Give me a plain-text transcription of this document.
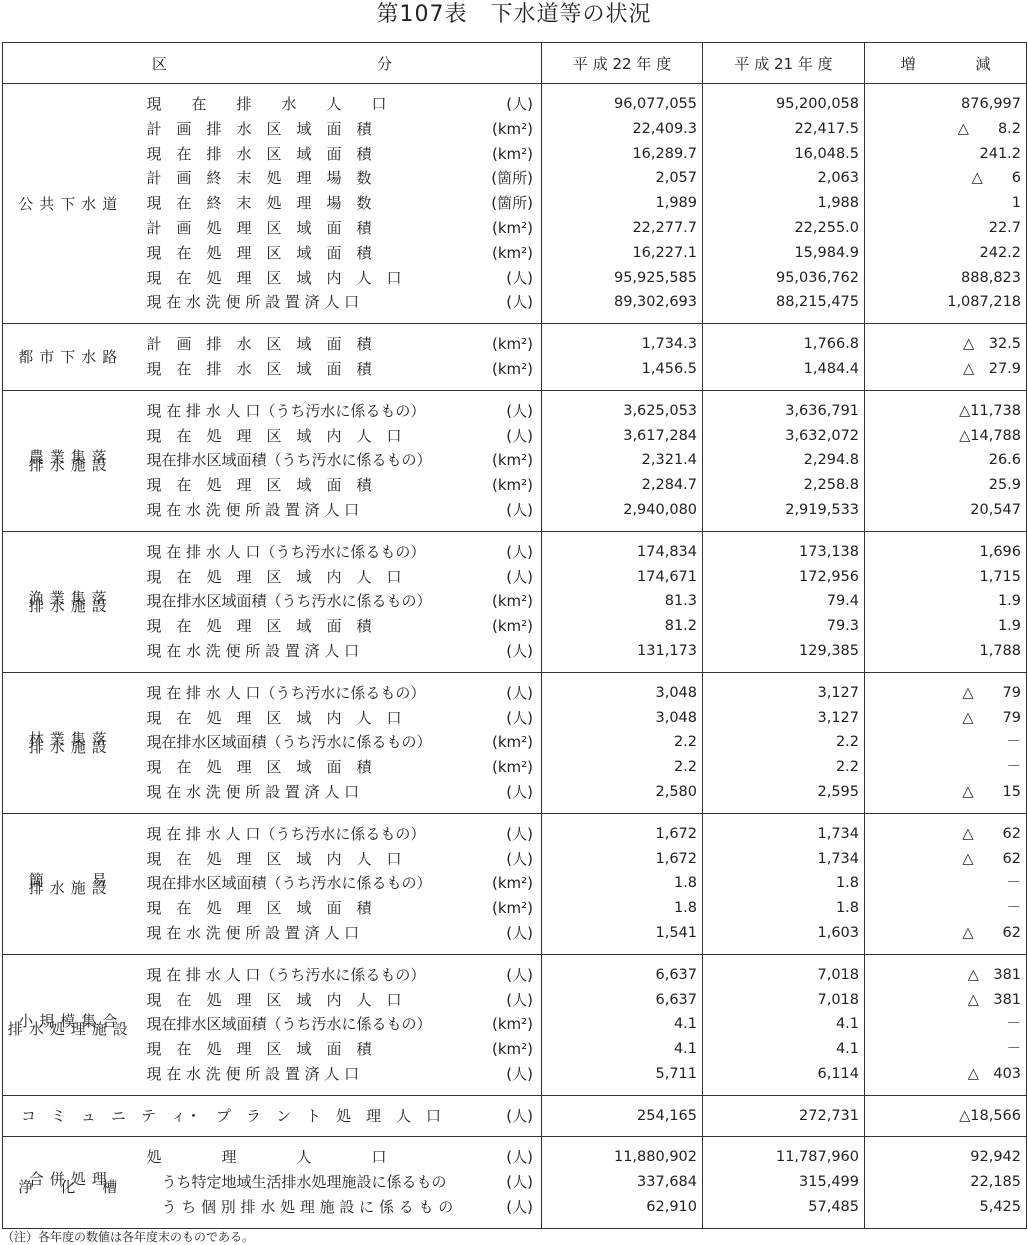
第107表　下水道等の状況
区　　　　　　　　　　　　　　分		平 成 22 年 度	平 成 21 年 度	増　　　　減
公共下水道				

	現　　在　　排　　水　　人　　口 (人)	96,077,055	95,200,058	876,997

	計　画　排　水　区　域　面　積 (km²)	22,409.3	22,417.5	△　　8.2

	現　在　排　水　区　域　面　積 (km²)	16,289.7	16,048.5	241.2

	計　画　終　末　処　理　場　数 (箇所)	2,057	2,063	△　　6

	現　在　終　末　処　理　場　数 (箇所)	1,989	1,988	1

	計　画　処　理　区　域　面　積 (km²)	22,277.7	22,255.0	22.7

	現　在　処　理　区　域　面　積 (km²)	16,227.1	15,984.9	242.2

	現　在　処　理　区　域　内　人　口 (人)	95,925,585	95,036,762	888,823

	現 在 水 洗 便 所 設 置 済 人 口 (人)	89,302,693	88,215,475	1,087,218

都市下水路				

	計　画　排　水　区　域　面　積 (km²)	1,734.3	1,766.8	△　32.5

	現　在　排　水　区　域　面　積 (km²)	1,456.5	1,484.4	△　27.9

農業集落
排水施設				

	現 在 排 水 人 口（うち汚水に係るもの） (人)	3,625,053	3,636,791	△11,738

	現　在　処　理　区　域　内　人　口 (人)	3,617,284	3,632,072	△14,788

	現在排水区域面積（うち汚水に係るもの） (km²)	2,321.4	2,294.8	26.6

	現　在　処　理　区　域　面　積 (km²)	2,284.7	2,258.8	25.9

	現 在 水 洗 便 所 設 置 済 人 口 (人)	2,940,080	2,919,533	20,547

漁業集落
排水施設				

	現 在 排 水 人 口（うち汚水に係るもの） (人)	174,834	173,138	1,696

	現　在　処　理　区　域　内　人　口 (人)	174,671	172,956	1,715

	現在排水区域面積（うち汚水に係るもの） (km²)	81.3	79.4	1.9

	現　在　処　理　区　域　面　積 (km²)	81.2	79.3	1.9

	現 在 水 洗 便 所 設 置 済 人 口 (人)	131,173	129,385	1,788

林業集落
排水施設				

	現 在 排 水 人 口（うち汚水に係るもの） (人)	3,048	3,127	△　　79

	現　在　処　理　区　域　内　人　口 (人)	3,048	3,127	△　　79

	現在排水区域面積（うち汚水に係るもの） (km²)	2.2	2.2	－

	現　在　処　理　区　域　面　積 (km²)	2.2	2.2	－

	現 在 水 洗 便 所 設 置 済 人 口 (人)	2,580	2,595	△　　15

簡　　易
排水施設				

	現 在 排 水 人 口（うち汚水に係るもの） (人)	1,672	1,734	△　　62

	現　在　処　理　区　域　内　人　口 (人)	1,672	1,734	△　　62

	現在排水区域面積（うち汚水に係るもの） (km²)	1.8	1.8	－

	現　在　処　理　区　域　面　積 (km²)	1.8	1.8	－

	現 在 水 洗 便 所 設 置 済 人 口 (人)	1,541	1,603	△　　62

小規模集合
排水処理施設				

	現 在 排 水 人 口（うち汚水に係るもの） (人)	6,637	7,018	△　381

	現　在　処　理　区　域　内　人　口 (人)	6,637	7,018	△　381

	現在排水区域面積（うち汚水に係るもの） (km²)	4.1	4.1	－

	現　在　処　理　区　域　面　積 (km²)	4.1	4.1	－

	現 在 水 洗 便 所 設 置 済 人 口 (人)	5,711	6,114	△　403

コ　ミ　ュ　ニ　テ　ィ・　プ　ラ　ン　ト　処　理　人　口 (人)		254,165	272,731	△18,566

合併処理
浄　化　槽				

	処　　　　理　　　　人　　　　口 (人)	11,880,902	11,787,960	92,942

	　うち特定地域生活排水処理施設に係るもの (人)	337,684	315,499	22,185

	　う ち 個 別 排 水 処 理 施 設 に 係 る も の (人)	62,910	57,485	5,425

（注）各年度の数値は各年度末のものである。
